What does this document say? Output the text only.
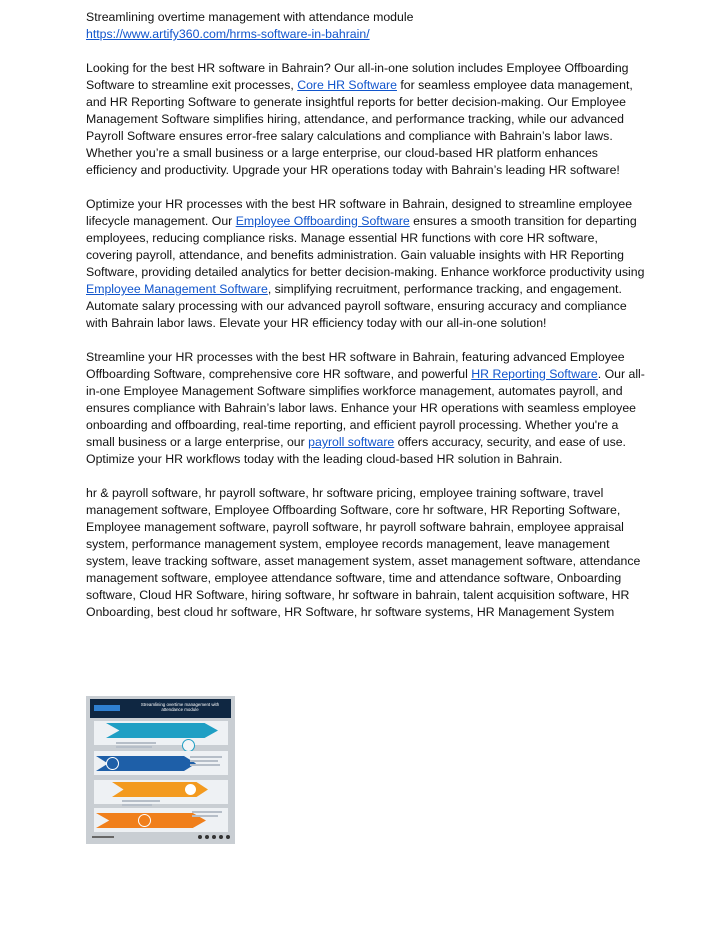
Streamlining overtime management with attendance module

https://www.artify360.com/hrms-software-in-bahrain/

Looking for the best HR software in Bahrain? Our all-in-one solution includes Employee Offboarding Software to streamline exit processes, Core HR Software for seamless employee data management, and HR Reporting Software to generate insightful reports for better decision-making. Our Employee Management Software simplifies hiring, attendance, and performance tracking, while our advanced Payroll Software ensures error-free salary calculations and compliance with Bahrain’s labor laws. Whether you’re a small business or a large enterprise, our cloud-based HR platform enhances efficiency and productivity. Upgrade your HR operations today with Bahrain’s leading HR software!

Optimize your HR processes with the best HR software in Bahrain, designed to streamline employee lifecycle management. Our Employee Offboarding Software ensures a smooth transition for departing employees, reducing compliance risks. Manage essential HR functions with core HR software, covering payroll, attendance, and benefits administration. Gain valuable insights with HR Reporting Software, providing detailed analytics for better decision-making. Enhance workforce productivity using Employee Management Software, simplifying recruitment, performance tracking, and engagement. Automate salary processing with our advanced payroll software, ensuring accuracy and compliance with Bahrain labor laws. Elevate your HR efficiency today with our all-in-one solution!

Streamline your HR processes with the best HR software in Bahrain, featuring advanced Employee Offboarding Software, comprehensive core HR software, and powerful HR Reporting Software. Our all-in-one Employee Management Software simplifies workforce management, automates payroll, and ensures compliance with Bahrain’s labor laws. Enhance your HR operations with seamless employee onboarding and offboarding, real-time reporting, and efficient payroll processing. Whether you're a small business or a large enterprise, our payroll software offers accuracy, security, and ease of use. Optimize your HR workflows today with the leading cloud-based HR solution in Bahrain.

hr & payroll software, hr payroll software, hr software pricing, employee training software, travel management software, Employee Offboarding Software, core hr software, HR Reporting Software, Employee management software, payroll software, hr payroll software bahrain, employee appraisal system, performance management system, employee records management, leave management system, leave tracking software, asset management system, asset management software, attendance management software, employee attendance software, time and attendance software, Onboarding software, Cloud HR Software, hiring software, hr software in bahrain, talent acquisition software, HR Onboarding, best cloud hr software, HR Software, hr software systems, HR Management System

Streamlining overtime management with attendance module
